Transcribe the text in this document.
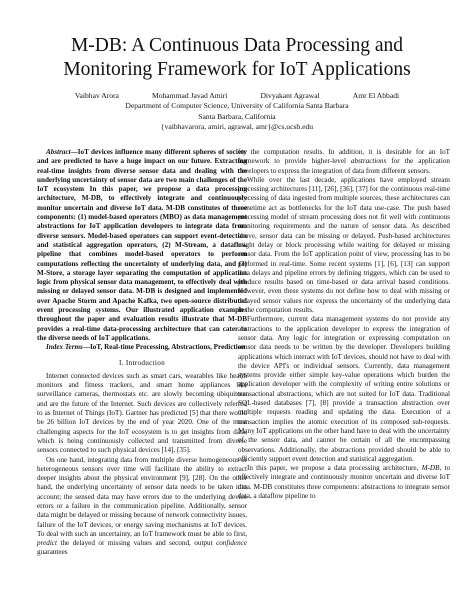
M-DB: A Continuous Data Processing and
Monitoring Framework for IoT Applications
Vaibhav Arora	Mohammad Javad Amiri	Divyakant Agrawal	Amr El Abbadi
Department of Computer Science, University of California Santa Barbara
Santa Barbara, California
{vaibhavarora, amiri, agrawal, amr}@cs.ucsb.edu

Abstract—IoT devices influence many different spheres of society and are predicted to have a huge impact on our future. Extracting real-time insights from diverse sensor data and dealing with the underlying uncertainty of sensor data are two main challenges of the IoT ecosystem In this paper, we propose a data processing architecture, M-DB, to effectively integrate and continuously monitor uncertain and diverse IoT data. M-DB constitutes of three components: (1) model-based operators (MBO) as data management abstractions for IoT application developers to integrate data from diverse sensors. Model-based operators can support event-detection and statistical aggregation operators, (2) M-Stream, a dataflow pipeline that combines model-based operators to perform computations reflecting the uncertainty of underlying data, and (3) M-Store, a storage layer separating the computation of application logic from physical sensor data management, to effectively deal with missing or delayed sensor data. M-DB is designed and implemented over Apache Storm and Apache Kafka, two open-source distributed event processing systems. Our illustrated application examples throughout the paper and evaluation results illustrate that M-DB provides a real-time data-processing architecture that can cater to the diverse needs of IoT applications.

Index Terms—IoT, Real-time Processing, Abstractions, Prediction

I. Introduction

Internet connected devices such as smart cars, wearables like health monitors and fitness trackers, and smart home appliances like surveillance cameras, thermostats etc. are slowly becoming ubiquitous and are the future of the Internet. Such devices are collectively referred to as Internet of Things (IoT). Gartner has predicted [5] that there would be 26 billion IoT devices by the end of year 2020. One of the most challenging aspects for the IoT ecosystem is to get insights from data, which is being continuously collected and transmitted from diverse sensors connected to such physical devices [14], [35].

On one hand, integrating data from multiple diverse homogeneous or heterogeneous sensors over time will facilitate the ability to extract deeper insights about the physical environment [9], [28]. On the other hand, the underlying uncertainty of sensor data needs to be taken into account; the sensed data may have errors due to the underlying device errors or a failure in the communication pipeline. Additionally, sensor data might be delayed or missing because of network connectivity issues, failure of the IoT devices, or energy saving mechanisms at IoT devices. To deal with such an uncertainty, an IoT framework must be able to first, predict the delayed or missing values and second, output confidence guarantees

for the computation results. In addition, it is desirable for an IoT framework to provide higher-level abstractions for the application developers to express the integration of data from different sensors.

While over the last decade, applications have employed stream processing architectures [11], [26], [36], [37] for the continuous real-time processing of data ingested from multiple sources, these architectures can sometime act as bottlenecks for the IoT data use-case. The push based processing model of stream processing does not fit well with continuous monitoring requirements and the nature of sensor data. As described above, sensor data can be missing or delayed. Push-based architectures might delay or block processing while waiting for delayed or missing sensor data. From the IoT application point of view, processing has to be performed in real-time. Some recent systems [1], [6], [13] can support data delays and pipeline errors by defining triggers, which can be used to produce results based on time-based or data arrival based conditions. However, even these systems do not define how to deal with missing or delayed sensor values nor express the uncertainty of the underlying data in the computation results.

Furthermore, current data management systems do not provide any abstractions to the application developer to express the integration of sensor data. Any logic for integration or expressing computation on sensor data needs to be written by the developer. Developers building applications which interact with IoT devices, should not have to deal with the device API's or individual sensors. Currently, data management systems provide either simple key-value operations which burden the application developer with the complexity of writing entire solutions or transactional abstractions, which are not suited for IoT data. Traditional SQL-based databases [7], [8] provide a transaction abstraction over multiple requests reading and updating the data. Execution of a transaction implies the atomic execution of its composed sub-requests. Many IoT applications on the other hand have to deal with the uncertainty of the sensor data, and cannot be certain of all the encompassing observations. Additionally, the abstractions provided should be able to efficiently support event detection and statistical aggregation.

In this paper, we propose a data processing architecture, M-DB, to effectively integrate and continuously monitor uncertain and diverse IoT data. M-DB constitutes three components: abstractions to integrate sensor data, a dataflow pipeline to
